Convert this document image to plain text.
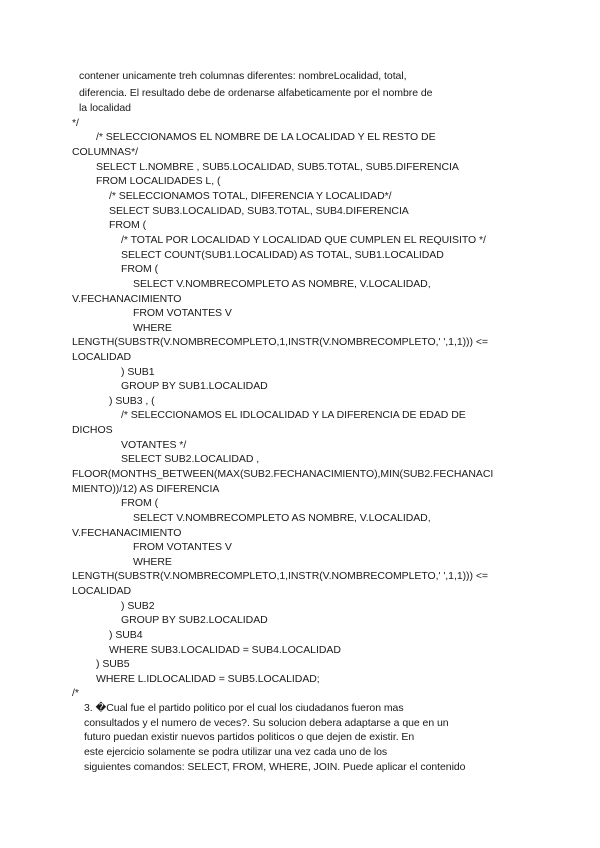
contener unicamente treh columnas diferentes: nombreLocalidad, total,
diferencia. El resultado debe de ordenarse alfabeticamente por el nombre de
la localidad
*/
/* SELECCIONAMOS EL NOMBRE DE LA LOCALIDAD Y EL RESTO DE
COLUMNAS*/
SELECT L.NOMBRE , SUB5.LOCALIDAD, SUB5.TOTAL, SUB5.DIFERENCIA
FROM LOCALIDADES L, (
/* SELECCIONAMOS TOTAL, DIFERENCIA Y LOCALIDAD*/
SELECT SUB3.LOCALIDAD, SUB3.TOTAL, SUB4.DIFERENCIA
FROM (
/* TOTAL POR LOCALIDAD Y LOCALIDAD QUE CUMPLEN EL REQUISITO */
SELECT COUNT(SUB1.LOCALIDAD) AS TOTAL, SUB1.LOCALIDAD
FROM (
SELECT V.NOMBRECOMPLETO AS NOMBRE, V.LOCALIDAD,
V.FECHANACIMIENTO
FROM VOTANTES V
WHERE
LENGTH(SUBSTR(V.NOMBRECOMPLETO,1,INSTR(V.NOMBRECOMPLETO,' ',1,1))) <=
LOCALIDAD
) SUB1
GROUP BY SUB1.LOCALIDAD
) SUB3 , (
/* SELECCIONAMOS EL IDLOCALIDAD Y LA DIFERENCIA DE EDAD DE
DICHOS
VOTANTES */
SELECT SUB2.LOCALIDAD ,
FLOOR(MONTHS_BETWEEN(MAX(SUB2.FECHANACIMIENTO),MIN(SUB2.FECHANACI
MIENTO))/12) AS DIFERENCIA
FROM (
SELECT V.NOMBRECOMPLETO AS NOMBRE, V.LOCALIDAD,
V.FECHANACIMIENTO
FROM VOTANTES V
WHERE
LENGTH(SUBSTR(V.NOMBRECOMPLETO,1,INSTR(V.NOMBRECOMPLETO,' ',1,1))) <=
LOCALIDAD
) SUB2
GROUP BY SUB2.LOCALIDAD
) SUB4
WHERE SUB3.LOCALIDAD = SUB4.LOCALIDAD
) SUB5
WHERE L.IDLOCALIDAD = SUB5.LOCALIDAD;
/*
3. �Cual fue el partido politico por el cual los ciudadanos fueron mas
consultados y el numero de veces?. Su solucion debera adaptarse a que en un
futuro puedan existir nuevos partidos politicos o que dejen de existir. En
este ejercicio solamente se podra utilizar una vez cada uno de los
siguientes comandos: SELECT, FROM, WHERE, JOIN. Puede aplicar el contenido
